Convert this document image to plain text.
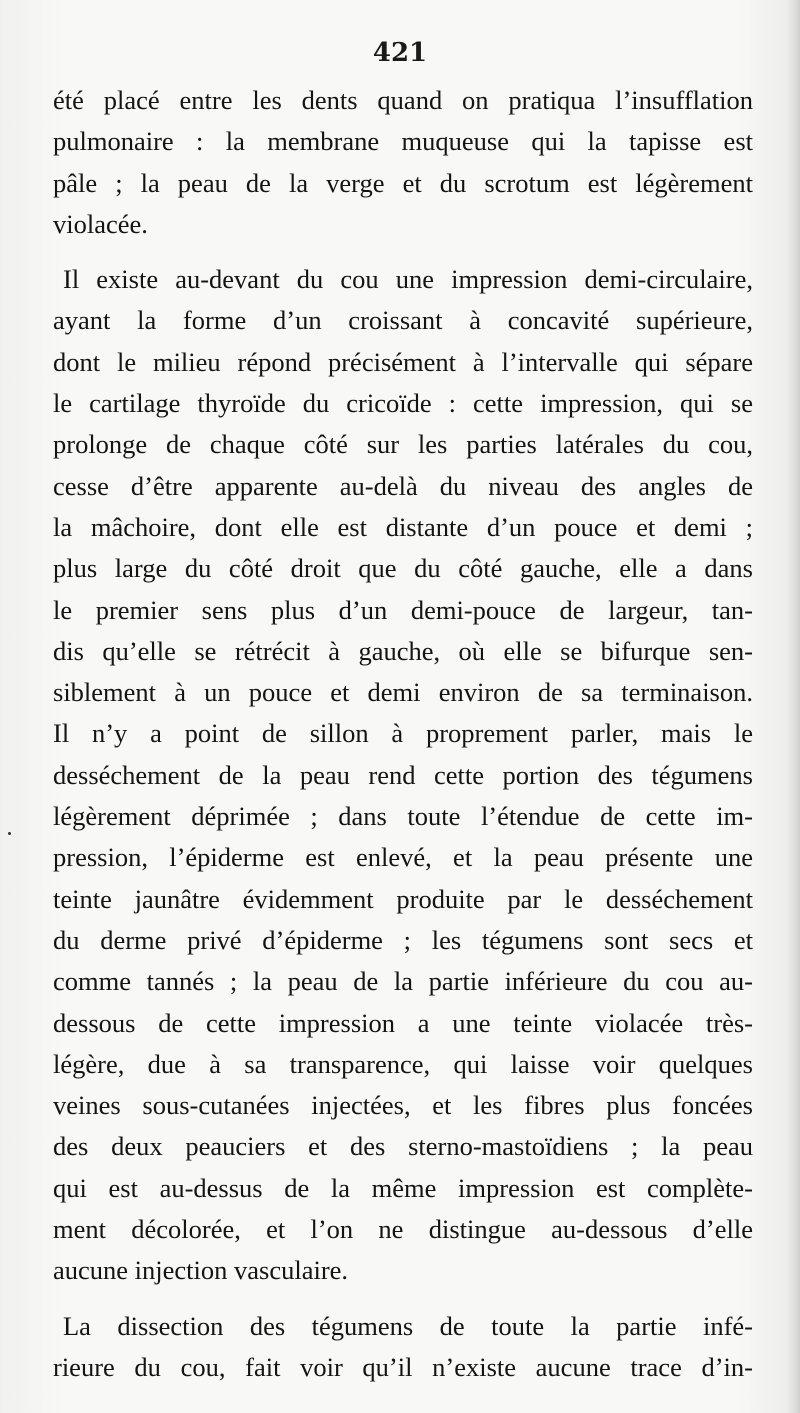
421

été placé entre les dents quand on pratiqua l’insufflation
pulmonaire : la membrane muqueuse qui la tapisse est
pâle ; la peau de la verge et du scrotum est légèrement
violacée.
Il existe au-devant du cou une impression demi-circulaire,
ayant la forme d’un croissant à concavité supérieure,
dont le milieu répond précisément à l’intervalle qui sépare
le cartilage thyroïde du cricoïde : cette impression, qui se
prolonge de chaque côté sur les parties latérales du cou,
cesse d’être apparente au-delà du niveau des angles de
la mâchoire, dont elle est distante d’un pouce et demi ;
plus large du côté droit que du côté gauche, elle a dans
le premier sens plus d’un demi-pouce de largeur, tan-
dis qu’elle se rétrécit à gauche, où elle se bifurque sen-
siblement à un pouce et demi environ de sa terminaison.
Il n’y a point de sillon à proprement parler, mais le
desséchement de la peau rend cette portion des tégumens
légèrement déprimée ; dans toute l’étendue de cette im-
pression, l’épiderme est enlevé, et la peau présente une
teinte jaunâtre évidemment produite par le desséchement
du derme privé d’épiderme ; les tégumens sont secs et
comme tannés ; la peau de la partie inférieure du cou au-
dessous de cette impression a une teinte violacée très-
légère, due à sa transparence, qui laisse voir quelques
veines sous-cutanées injectées, et les fibres plus foncées
des deux peauciers et des sterno-mastoïdiens ; la peau
qui est au-dessus de la même impression est complète-
ment décolorée, et l’on ne distingue au-dessous d’elle
aucune injection vasculaire.
La dissection des tégumens de toute la partie infé-
rieure du cou, fait voir qu’il n’existe aucune trace d’in-
